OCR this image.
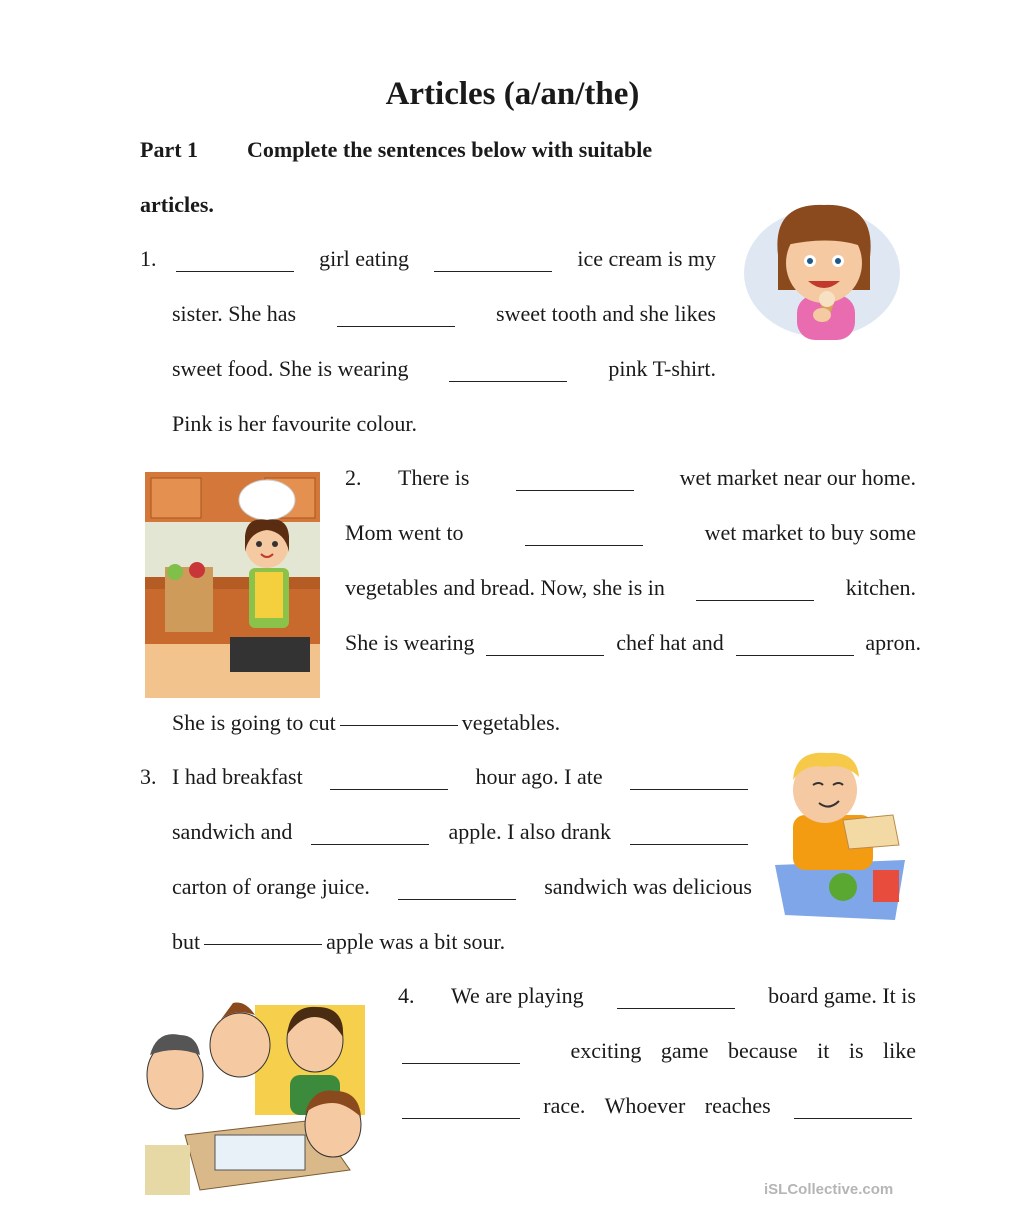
Articles (a/an/the)
Part 1 Complete the sentences below with suitable
articles.
1.	girl eating	ice cream is my
sister. She has	sweet tooth and she likes
sweet food. She is wearing	pink T-shirt.
Pink is her favourite colour.
2. There is	wet market near our home.
Mom went to	wet market to buy some
vegetables and bread. Now, she is in	kitchen.
She is wearing	chef hat and	apron.
She is going to cut	vegetables.
3. I had breakfast	hour ago. I ate
sandwich and	apple. I also drank
carton of orange juice.	sandwich was delicious
but	apple was a bit sour.
4. We are playing	board game. It is
exciting game because it is like
race. Whoever reaches
iSLCollective.com
